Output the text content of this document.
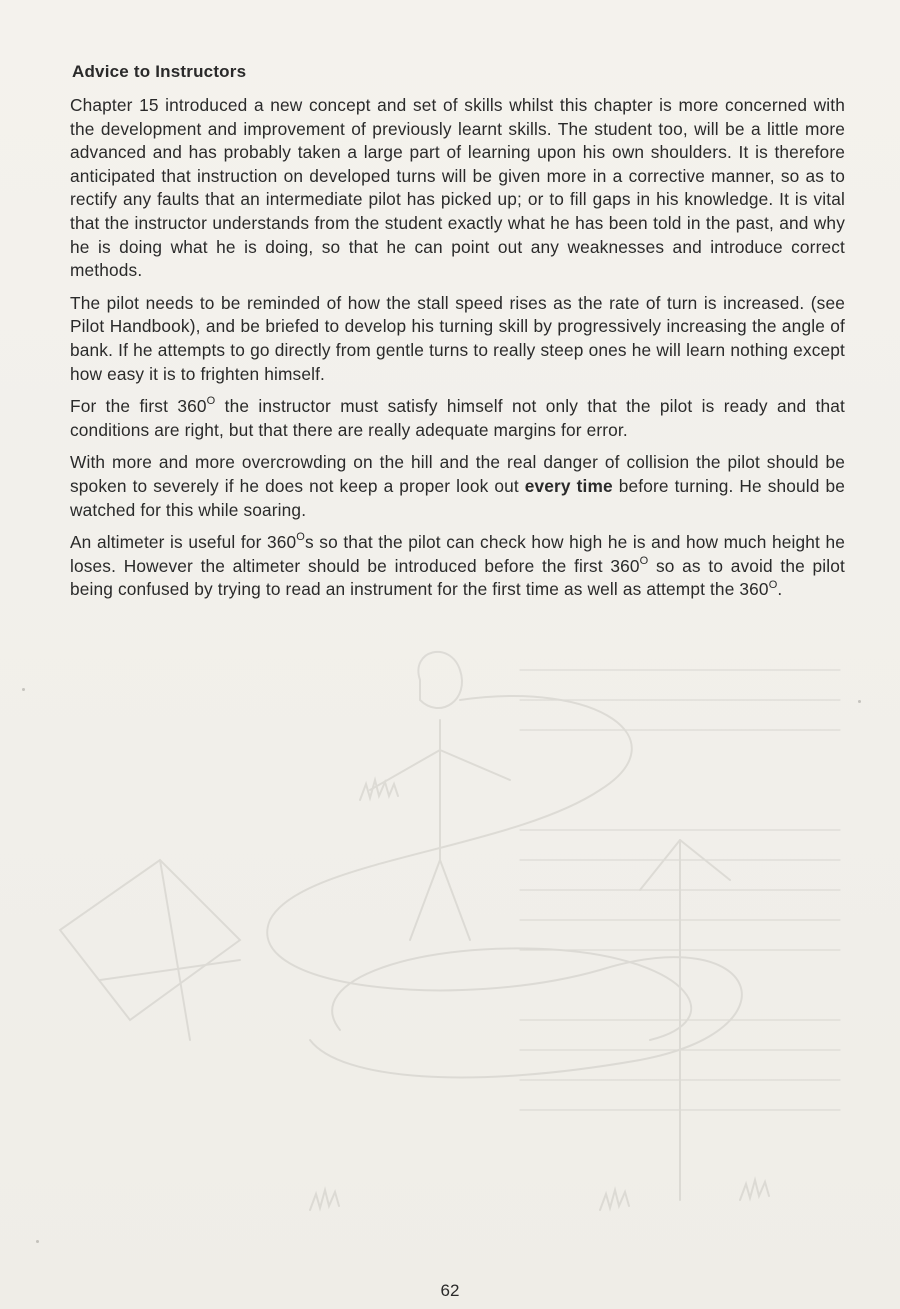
Advice to Instructors

Chapter 15 introduced a new concept and set of skills whilst this chapter is more concerned with the development and improvement of previously learnt skills. The student too, will be a little more advanced and has probably taken a large part of learning upon his own shoulders. It is therefore anticipated that instruction on developed turns will be given more in a corrective manner, so as to rectify any faults that an intermediate pilot has picked up; or to fill gaps in his knowledge. It is vital that the instructor understands from the student exactly what he has been told in the past, and why he is doing what he is doing, so that he can point out any weaknesses and introduce correct methods.

The pilot needs to be reminded of how the stall speed rises as the rate of turn is increased. (see Pilot Handbook), and be briefed to develop his turning skill by progressively increasing the angle of bank. If he attempts to go directly from gentle turns to really steep ones he will learn nothing except how easy it is to frighten himself.

For the first $360^O$ the instructor must satisfy himself not only that the pilot is ready and that conditions are right, but that there are really adequate margins for error.

With more and more overcrowding on the hill and the real danger of collision the pilot should be spoken to severely if he does not keep a proper look out every time before turning. He should be watched for this while soaring.

An altimeter is useful for $360^Os$ so that the pilot can check how high he is and how much height he loses. However the altimeter should be introduced before the first $360^O$ so as to avoid the pilot being confused by trying to read an instrument for the first time as well as attempt the $360^O$.

62
